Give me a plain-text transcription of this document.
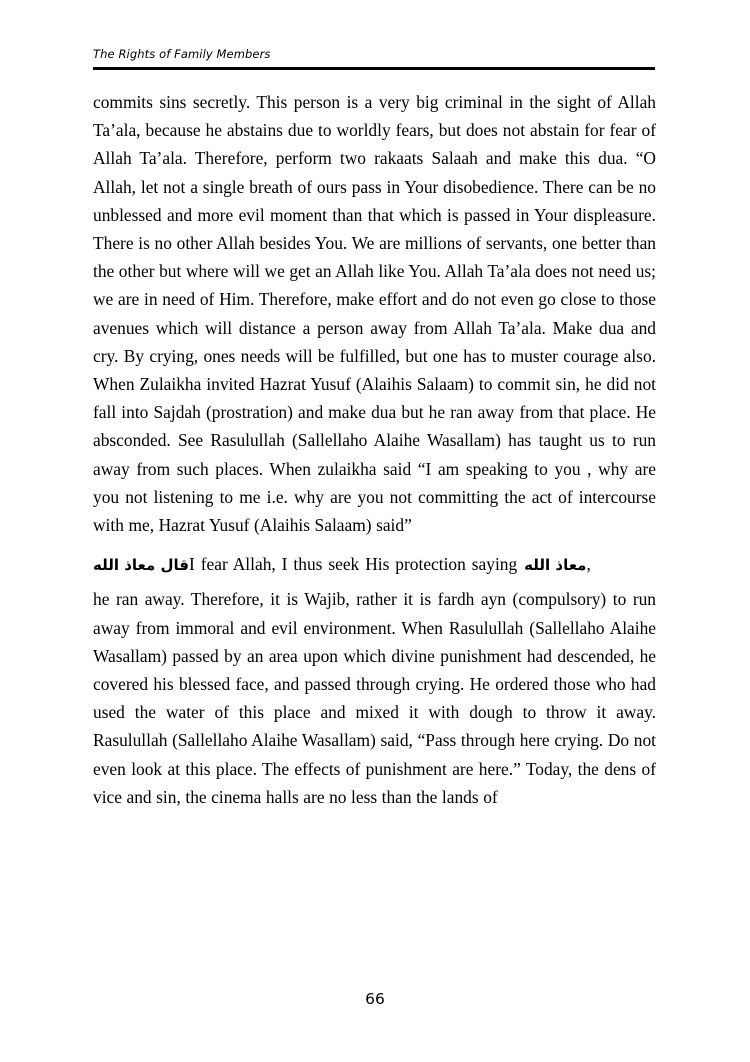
The Rights of Family Members

commits sins secretly. This person is a very big criminal in the sight of Allah Ta’ala, because he abstains due to worldly fears, but does not abstain for fear of Allah Ta’ala. Therefore, perform two rakaats Salaah and make this dua. “O Allah, let not a single breath of ours pass in Your disobedience. There can be no unblessed and more evil moment than that which is passed in Your displeasure. There is no other Allah besides You. We are millions of servants, one better than the other but where will we get an Allah like You. Allah Ta’ala does not need us; we are in need of Him. Therefore, make effort and do not even go close to those avenues which will distance a person away from Allah Ta’ala. Make dua and cry. By crying, ones needs will be fulfilled, but one has to muster courage also. When Zulaikha invited Hazrat Yusuf (Alaihis Salaam) to commit sin, he did not fall into Sajdah (prostration) and make dua but he ran away from that place. He absconded. See Rasulullah (Sallellaho Alaihe Wasallam) has taught us to run away from such places. When zulaikha said “I am speaking to you , why are you not listening to me i.e. why are you not committing the act of intercourse with me, Hazrat Yusuf (Alaihis Salaam) said”

قال معاذ اللهI fear Allah, I thus seek His protection saying معاذ الله,

he ran away. Therefore, it is Wajib, rather it is fardh ayn (compulsory) to run away from immoral and evil environment. When Rasulullah (Sallellaho Alaihe Wasallam) passed by an area upon which divine punishment had descended, he covered his blessed face, and passed through crying. He ordered those who had used the water of this place and mixed it with dough to throw it away. Rasulullah (Sallellaho Alaihe Wasallam) said, “Pass through here crying. Do not even look at this place. The effects of punishment are here.” Today, the dens of vice and sin, the cinema halls are no less than the lands of

66
